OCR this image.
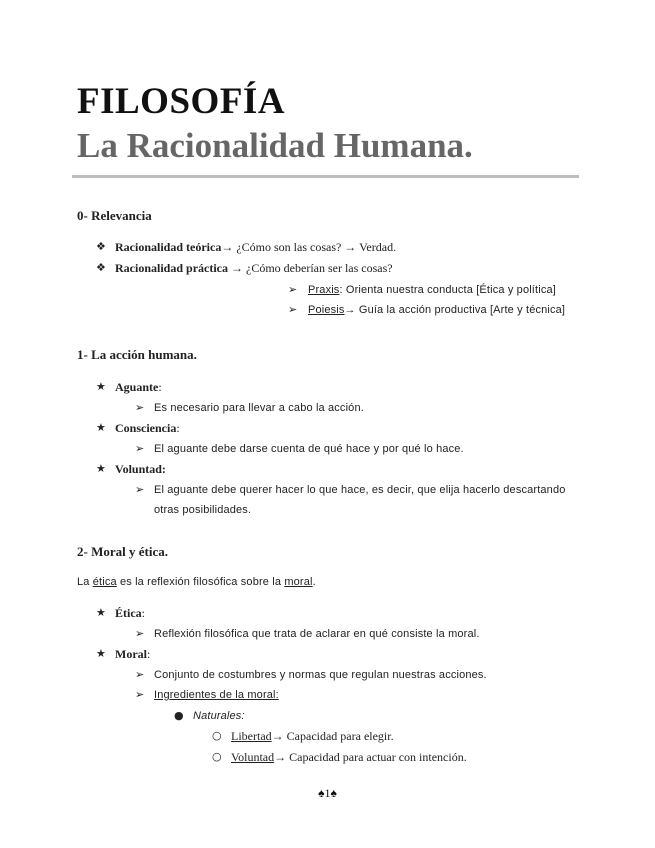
FILOSOFÍA
La Racionalidad Humana.
0- Relevancia
❖ Racionalidad teórica→ ¿Cómo son las cosas? → Verdad.
❖ Racionalidad práctica → ¿Cómo deberían ser las cosas?
➢ Praxis: Orienta nuestra conducta [Ética y política]
➢ Poiesis→ Guía la acción productiva [Arte y técnica]
1- La acción humana.
★ Aguante:
➢ Es necesario para llevar a cabo la acción.
★ Consciencia:
➢ El aguante debe darse cuenta de qué hace y por qué lo hace.
★ Voluntad:
➢ El aguante debe querer hacer lo que hace, es decir, que elija hacerlo descartando
otras posibilidades.
2- Moral y ética.
La ética es la reflexión filosófica sobre la moral.
★ Ética:
➢ Reflexión filosófica que trata de aclarar en qué consiste la moral.
★ Moral:
➢ Conjunto de costumbres y normas que regulan nuestras acciones.
➢ Ingredientes de la moral:
● Naturales:
○ Libertad→ Capacidad para elegir.
○ Voluntad→ Capacidad para actuar con intención.
♠1♠
